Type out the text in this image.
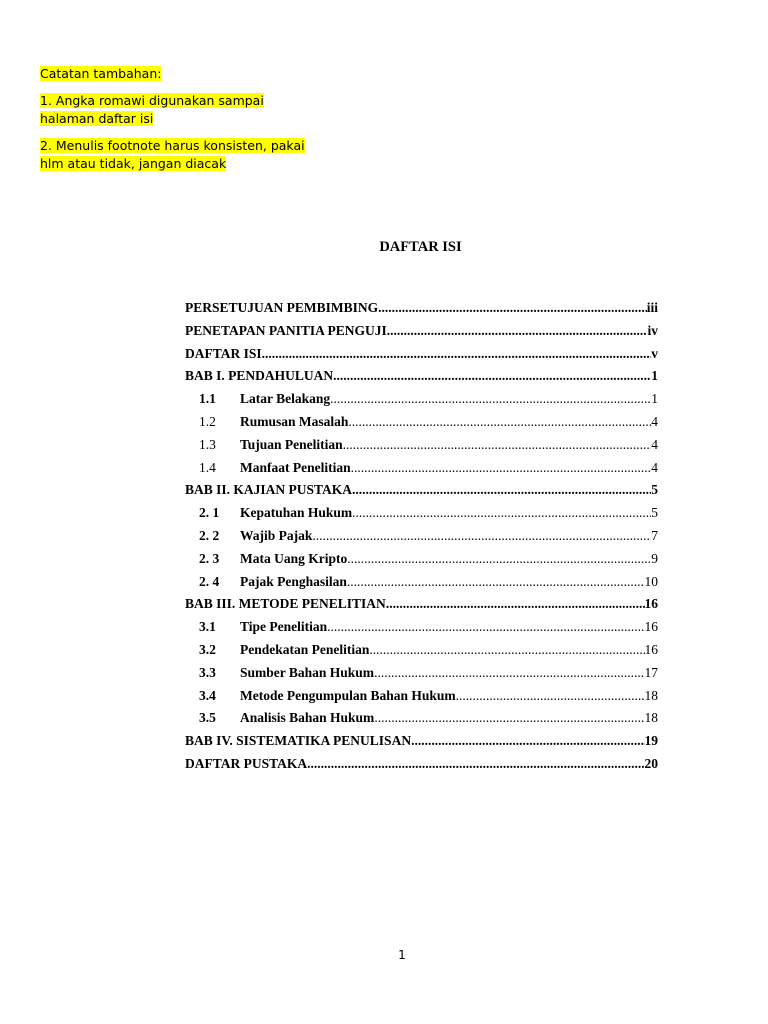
Catatan tambahan:
1. Angka romawi digunakan sampai halaman daftar isi
2. Menulis footnote harus konsisten, pakai hlm atau tidak, jangan diacak
DAFTAR ISI
PERSETUJUAN PEMBIMBING .....	iii
PENETAPAN PANITIA PENGUJI .....	iv
DAFTAR ISI .....	v
BAB I. PENDAHULUAN .....	1
1.1	Latar Belakang .....	1
1.2	Rumusan Masalah .....	4
1.3	Tujuan Penelitian .....	4
1.4	Manfaat Penelitian .....	4
BAB II. KAJIAN PUSTAKA .....	5
2. 1	Kepatuhan Hukum .....	5
2. 2	Wajib Pajak .....	7
2. 3	Mata Uang Kripto .....	9
2. 4	Pajak Penghasilan .....	10
BAB III. METODE PENELITIAN .....	16
3.1	Tipe Penelitian .....	16
3.2	Pendekatan Penelitian .....	16
3.3	Sumber Bahan Hukum .....	17
3.4	Metode Pengumpulan Bahan Hukum .....	18
3.5	Analisis Bahan Hukum .....	18
BAB IV. SISTEMATIKA PENULISAN .....	19
DAFTAR PUSTAKA .....	20
1
